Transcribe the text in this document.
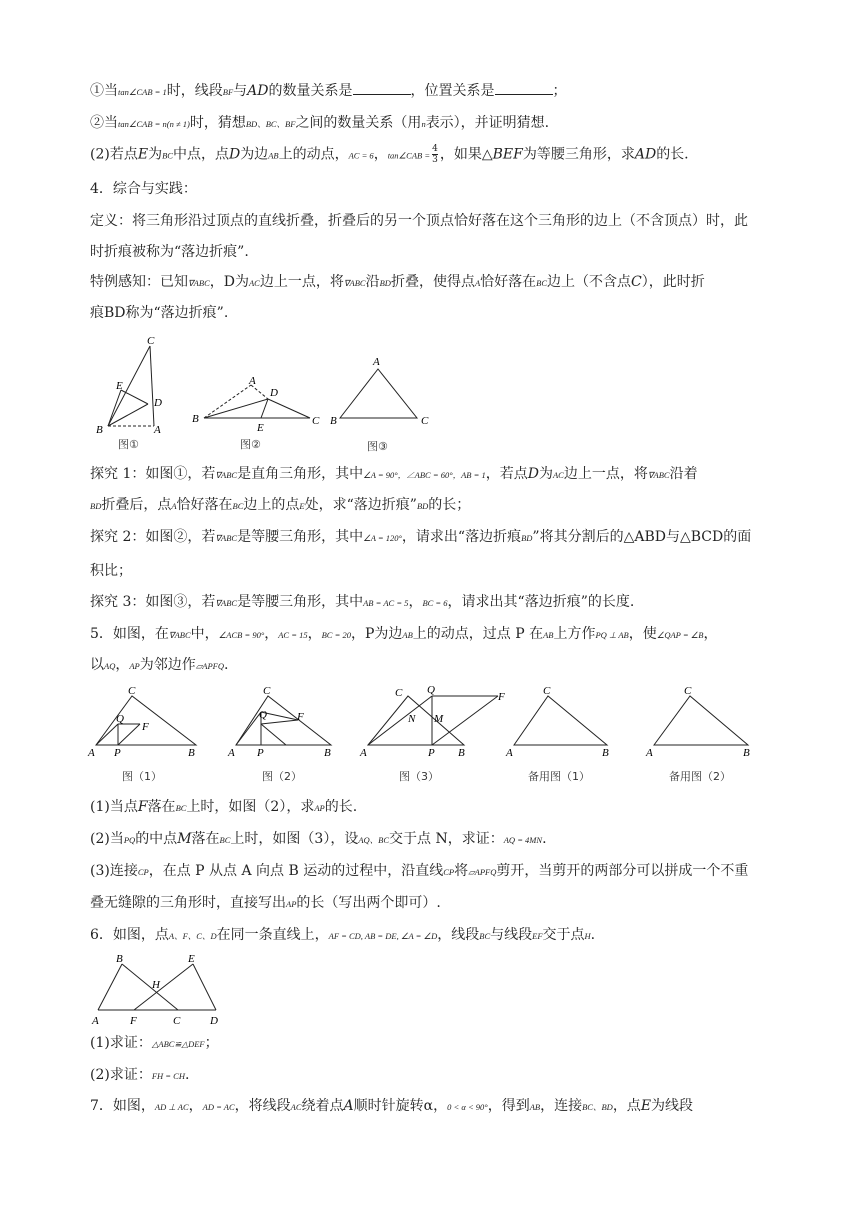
①当tan∠CAB = 1时，线段BF与AD的数量关系是	，位置关系是	；
②当tan∠CAB = n(n ≠ 1)时，猜想BD、BC、BF之间的数量关系（用n表示），并证明猜想.
(2)若点E为BC中点，点D为边AB上的动点，AC = 6，tan∠CAB = $\frac{4}{3}$ ，如果△BEF为等腰三角形，求AD的长.
4．综合与实践：
定义：将三角形沿过顶点的直线折叠，折叠后的另一个顶点恰好落在这个三角形的边上（不含顶点）时，此
时折痕被称为“落边折痕”.
特例感知：已知∇ABC，D为AC边上一点，将∇ABC沿BD折叠，使得点A恰好落在BC边上（不含点C），此时折
痕BD称为“落边折痕”.
C
E
D
B	A
图①
A
D
B	C
E
图②
A
B	C
图③
探究 1：如图①，若∇ABC是直角三角形，其中∠A = 90°，∠ABC = 60°，AB = 1，若点D为AC边上一点，将∇ABC沿着
BD折叠后，点A恰好落在BC边上的点E处，求“落边折痕”BD的长；
探究 2：如图②，若∇ABC是等腰三角形，其中∠A = 120°，请求出“落边折痕BD”将其分割后的△ABD与△BCD的面
积比；
探究 3：如图③，若∇ABC是等腰三角形，其中AB = AC = 5，BC = 6，请求出其“落边折痕”的长度.
5．如图，在∇ABC中，∠ACB = 90°，AC = 15，BC = 20，P为边AB上的动点，过点 P 在AB上方作PQ ⊥ AB，使∠QAP = ∠B，
以AQ，AP为邻边作▱APFQ.
C
Q
F
A P	B
图（1）
C
Q	F
A P	B
图（2）
C Q
F
N M
A	P B
图（3）
C
A	B
备用图（1）
C
A	B
备用图（2）
(1)当点F落在BC上时，如图（2），求AP的长.
(2)当PQ的中点M落在BC上时，如图（3），设AQ、BC交于点 N，求证：AQ = 4MN.
(3)连接CP，在点 P 从点 A 向点 B 运动的过程中，沿直线CP将▱APFQ剪开，当剪开的两部分可以拼成一个不重
叠无缝隙的三角形时，直接写出AP的长（写出两个即可）.
6．如图，点A、F、C、D在同一条直线上，AF = CD, AB = DE, ∠A = ∠D，线段BC与线段EF交于点H.
B	E
H
A	F	C	D
(1)求证：△ABC≌△DEF；
(2)求证：FH = CH.
7．如图，AD ⊥ AC，AD = AC，将线段AC绕着点A顺时针旋转α，0 < α < 90°，得到AB，连接BC、BD，点E为线段
